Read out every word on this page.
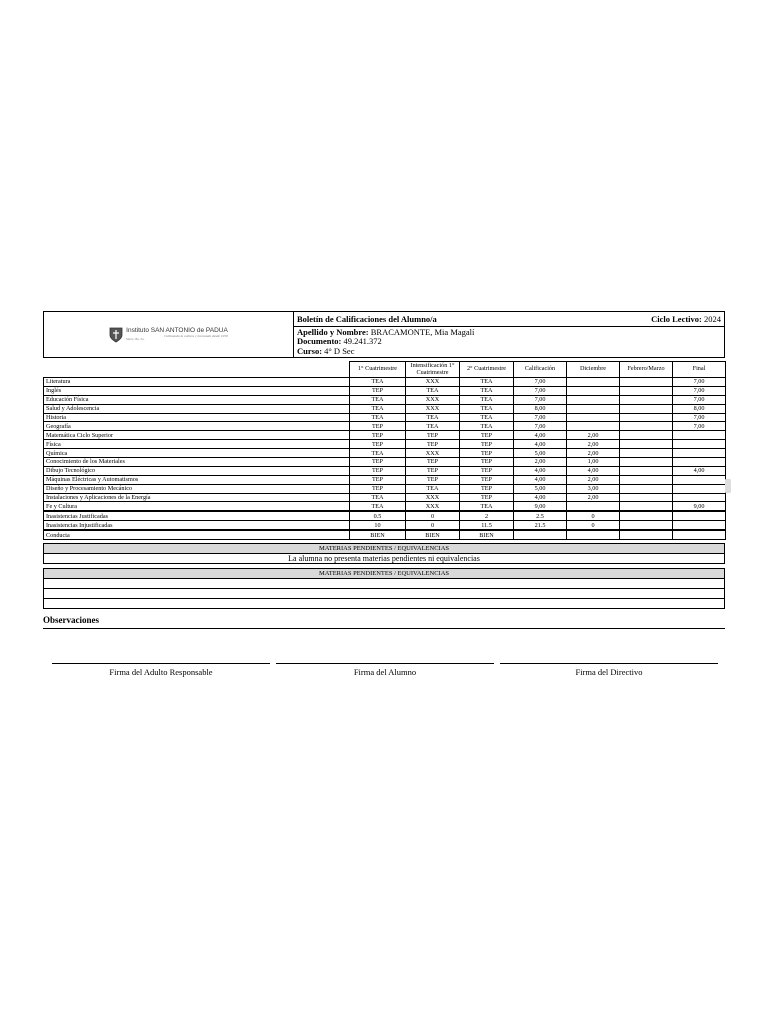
Instituto SAN ANTONIO de PADUA
Cultivando la cultura y honrando desde 1950
Merlo, Bs. As.
Boletín de Calificaciones del Alumno/a	Ciclo Lectivo: 2024
Apellido y Nombre: BRACAMONTE, Mia Magalí
Documento: 49.241.372
Curso: 4° D Sec
	1° Cuatrimestre	Intensificación 1° Cuatrimestre	2° Cuatrimestre	Calificación	Diciembre	Febrero/Marzo	Final
Literatura	TEA	XXX	TEA	7,00			7,00
Inglés	TEP	TEA	TEA	7,00			7,00
Educación Física	TEA	XXX	TEA	7,00			7,00
Salud y Adolescencia	TEA	XXX	TEA	8,00			8,00
Historia	TEA	TEA	TEA	7,00			7,00
Geografía	TEP	TEA	TEA	7,00			7,00
Matemática Ciclo Superior	TEP	TEP	TEP	4,00	2,00		
Física	TEP	TEP	TEP	4,00	2,00		
Química	TEA	XXX	TEP	5,00	2,00		
Conocimiento de los Materiales	TEP	TEP	TEP	2,00	1,00		
Dibujo Tecnológico	TEP	TEP	TEP	4,00	4,00		4,00
Máquinas Eléctricas y Automatismos	TEP	TEP	TEP	4,00	2,00		
Diseño y Procesamiento Mecánico	TEP	TEA	TEP	5,00	3,00		
Instalaciones y Aplicaciones de la Energía	TEA	XXX	TEP	4,00	2,00		
Fe y Cultura	TEA	XXX	TEA	9,00			9,00
Inasistencias Justificadas	0.5	0	2	2.5	0		
Inasistencias Injustificadas	10	0	11.5	21.5	0		
Conducta	BIEN	BIEN	BIEN				
MATERIAS PENDIENTES / EQUIVALENCIAS
La alumna no presenta materias pendientes ni equivalencias
MATERIAS PENDIENTES / EQUIVALENCIAS

Observaciones
Firma del Adulto Responsable	Firma del Alumno	Firma del Directivo
